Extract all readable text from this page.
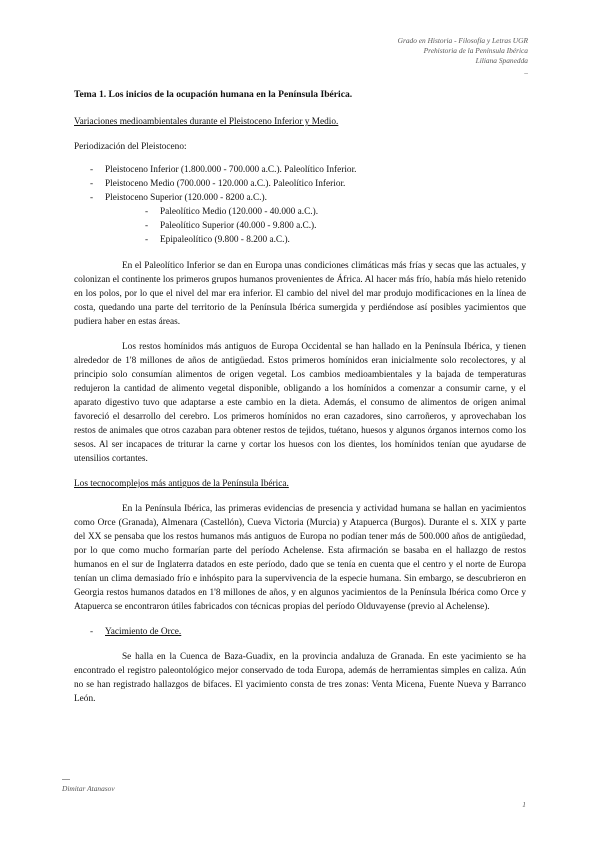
Grado en Historia - Filosofía y Letras UGR
Prehistoria de la Península Ibérica
Liliana Spanedda
_

Tema 1. Los inicios de la ocupación humana en la Península Ibérica.

Variaciones medioambientales durante el Pleistoceno Inferior y Medio.

Periodización del Pleistoceno:

- Pleistoceno Inferior (1.800.000 - 700.000 a.C.). Paleolítico Inferior.
- Pleistoceno Medio (700.000 - 120.000 a.C.). Paleolítico Inferior.
- Pleistoceno Superior (120.000 - 8200 a.C.).
- Paleolítico Medio (120.000 - 40.000 a.C.).
- Paleolítico Superior (40.000 - 9.800 a.C.).
- Epipaleolítico (9.800 - 8.200 a.C.).

En el Paleolítico Inferior se dan en Europa unas condiciones climáticas más frías y secas que las actuales, y colonizan el continente los primeros grupos humanos provenientes de África. Al hacer más frío, había más hielo retenido en los polos, por lo que el nivel del mar era inferior. El cambio del nivel del mar produjo modificaciones en la línea de costa, quedando una parte del territorio de la Península Ibérica sumergida y perdiéndose así posibles yacimientos que pudiera haber en estas áreas.

Los restos homínidos más antiguos de Europa Occidental se han hallado en la Península Ibérica, y tienen alrededor de 1'8 millones de años de antigüedad. Estos primeros homínidos eran inicialmente solo recolectores, y al principio solo consumían alimentos de origen vegetal. Los cambios medioambientales y la bajada de temperaturas redujeron la cantidad de alimento vegetal disponible, obligando a los homínidos a comenzar a consumir carne, y el aparato digestivo tuvo que adaptarse a este cambio en la dieta. Además, el consumo de alimentos de origen animal favoreció el desarrollo del cerebro. Los primeros homínidos no eran cazadores, sino carroñeros, y aprovechaban los restos de animales que otros cazaban para obtener restos de tejidos, tuétano, huesos y algunos órganos internos como los sesos. Al ser incapaces de triturar la carne y cortar los huesos con los dientes, los homínidos tenían que ayudarse de utensilios cortantes.

Los tecnocomplejos más antiguos de la Península Ibérica.

En la Península Ibérica, las primeras evidencias de presencia y actividad humana se hallan en yacimientos como Orce (Granada), Almenara (Castellón), Cueva Victoria (Murcia) y Atapuerca (Burgos). Durante el s. XIX y parte del XX se pensaba que los restos humanos más antiguos de Europa no podían tener más de 500.000 años de antigüedad, por lo que como mucho formarían parte del período Achelense. Esta afirmación se basaba en el hallazgo de restos humanos en el sur de Inglaterra datados en este período, dado que se tenía en cuenta que el centro y el norte de Europa tenían un clima demasiado frío e inhóspito para la supervivencia de la especie humana. Sin embargo, se descubrieron en Georgia restos humanos datados en 1'8 millones de años, y en algunos yacimientos de la Península Ibérica como Orce y Atapuerca se encontraron útiles fabricados con técnicas propias del período Olduvayense (previo al Achelense).

- Yacimiento de Orce.

Se halla en la Cuenca de Baza-Guadix, en la provincia andaluza de Granada. En este yacimiento se ha encontrado el registro paleontológico mejor conservado de toda Europa, además de herramientas simples en caliza. Aún no se han registrado hallazgos de bifaces. El yacimiento consta de tres zonas: Venta Micena, Fuente Nueva y Barranco León.

Dimitar Atanasov
1
